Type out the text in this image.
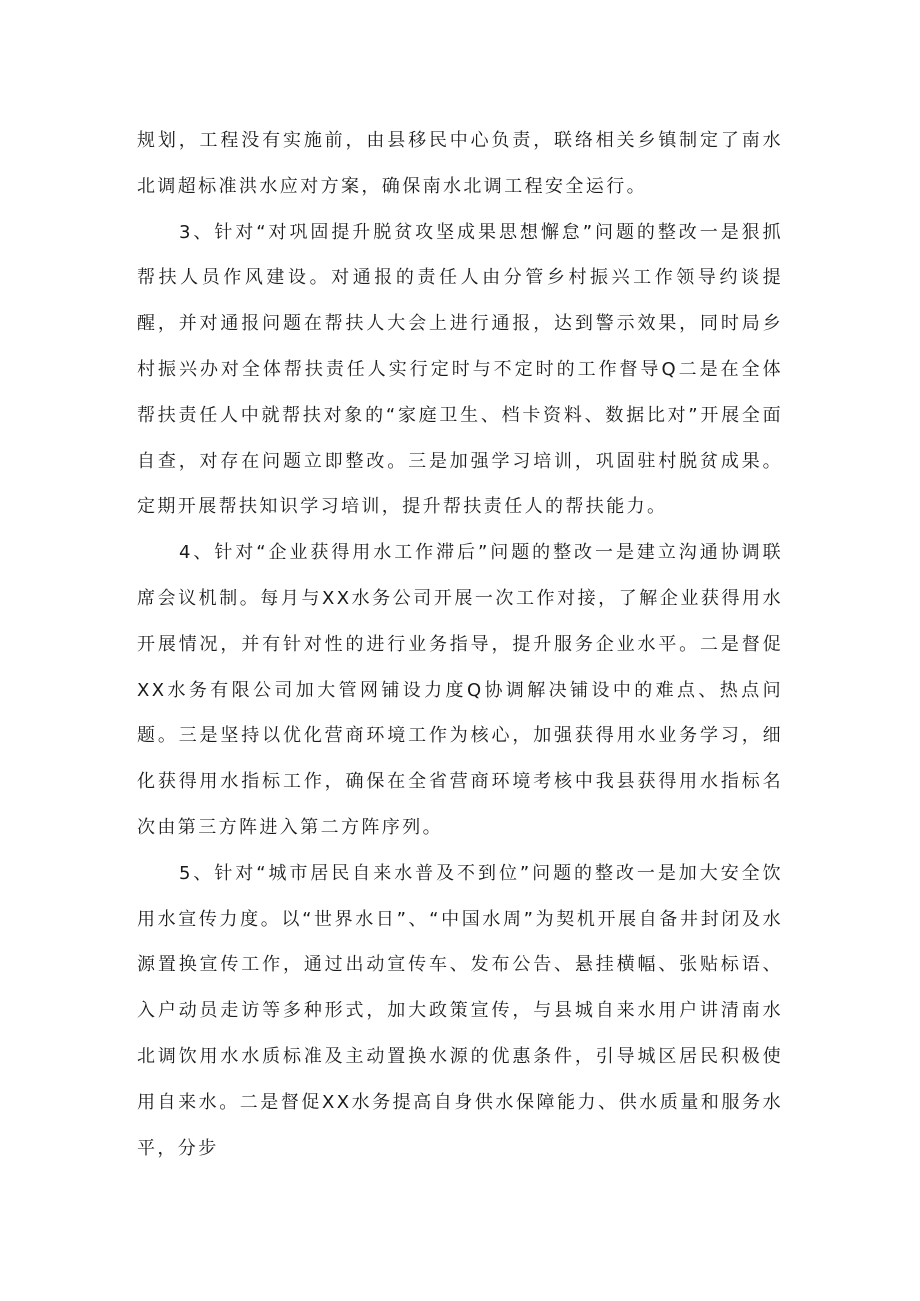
规划，工程没有实施前，由县移民中心负责，联络相关乡镇制定了南水北调超标准洪水应对方案，确保南水北调工程安全运行。

3、针对“对巩固提升脱贫攻坚成果思想懈怠”问题的整改一是狠抓帮扶人员作风建设。对通报的责任人由分管乡村振兴工作领导约谈提醒，并对通报问题在帮扶人大会上进行通报，达到警示效果，同时局乡村振兴办对全体帮扶责任人实行定时与不定时的工作督导Q二是在全体帮扶责任人中就帮扶对象的“家庭卫生、档卡资料、数据比对”开展全面自查，对存在问题立即整改。三是加强学习培训，巩固驻村脱贫成果。定期开展帮扶知识学习培训，提升帮扶责任人的帮扶能力。

4、针对“企业获得用水工作滞后”问题的整改一是建立沟通协调联席会议机制。每月与XX水务公司开展一次工作对接，了解企业获得用水开展情况，并有针对性的进行业务指导，提升服务企业水平。二是督促XX水务有限公司加大管网铺设力度Q协调解决铺设中的难点、热点问题。三是坚持以优化营商环境工作为核心，加强获得用水业务学习，细化获得用水指标工作，确保在全省营商环境考核中我县获得用水指标名次由第三方阵进入第二方阵序列。

5、针对“城市居民自来水普及不到位”问题的整改一是加大安全饮用水宣传力度。以“世界水日”、“中国水周”为契机开展自备井封闭及水源置换宣传工作，通过出动宣传车、发布公告、悬挂横幅、张贴标语、入户动员走访等多种形式，加大政策宣传，与县城自来水用户讲清南水北调饮用水水质标准及主动置换水源的优惠条件，引导城区居民积极使用自来水。二是督促XX水务提高自身供水保障能力、供水质量和服务水平，分步
